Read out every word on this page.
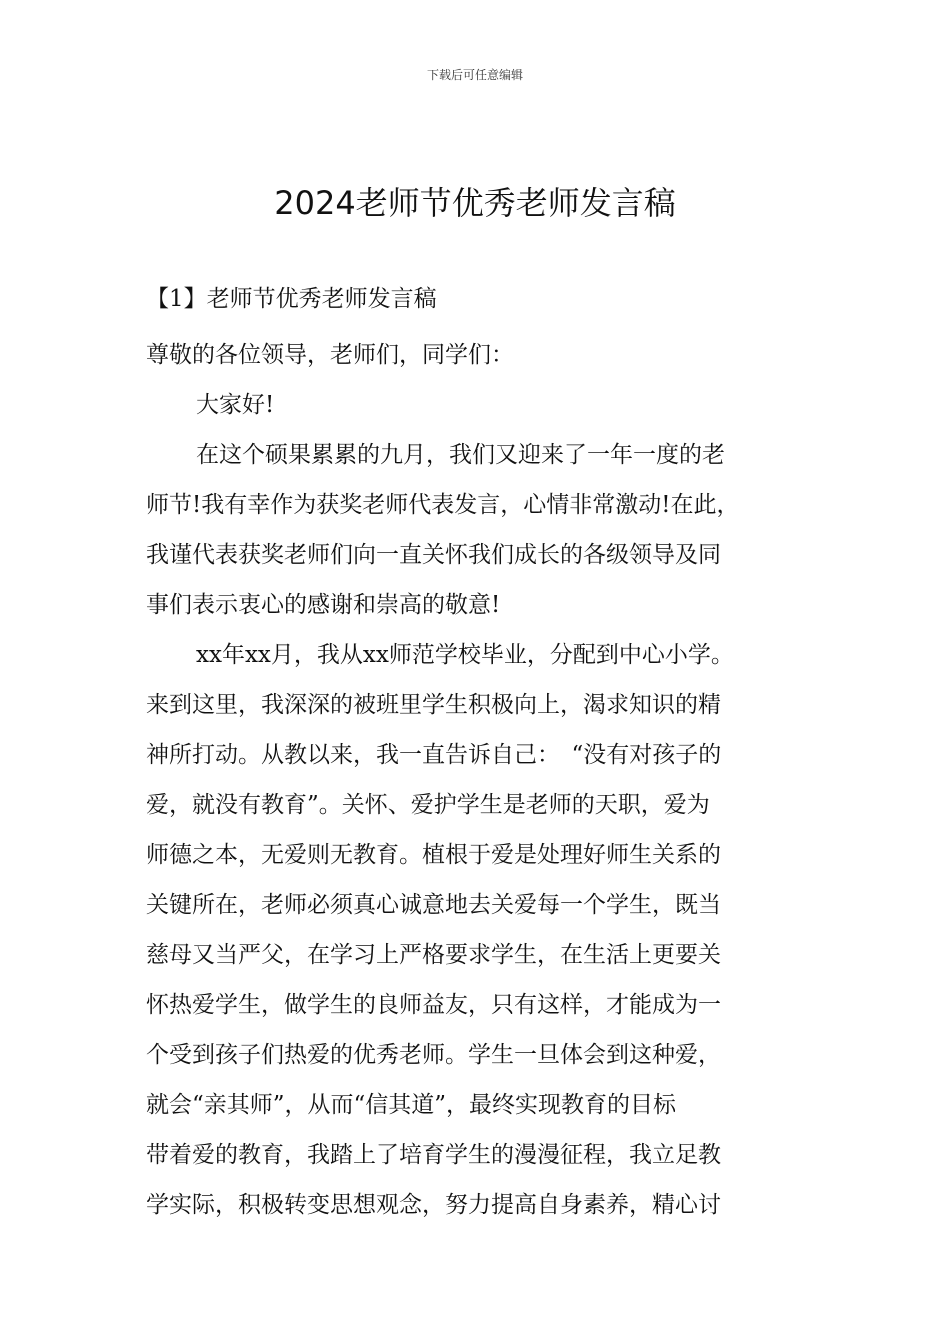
下载后可任意编辑
2024老师节优秀老师发言稿
【1】老师节优秀老师发言稿
尊敬的各位领导，老师们，同学们：
大家好!
在这个硕果累累的九月，我们又迎来了一年一度的老
师节!我有幸作为获奖老师代表发言，心情非常激动!在此，
我谨代表获奖老师们向一直关怀我们成长的各级领导及同
事们表示衷心的感谢和崇高的敬意!
xx年xx月，我从xx师范学校毕业，分配到中心小学。
来到这里，我深深的被班里学生积极向上，渴求知识的精
神所打动。从教以来，我一直告诉自己：　“没有对孩子的
爱，就没有教育”。关怀、爱护学生是老师的天职，爱为
师德之本，无爱则无教育。植根于爱是处理好师生关系的
关键所在，老师必须真心诚意地去关爱每一个学生，既当
慈母又当严父，在学习上严格要求学生，在生活上更要关
怀热爱学生，做学生的良师益友，只有这样，才能成为一
个受到孩子们热爱的优秀老师。学生一旦体会到这种爱，
就会“亲其师”，从而“信其道”，最终实现教育的目标
带着爱的教育，我踏上了培育学生的漫漫征程，我立足教
学实际，积极转变思想观念，努力提高自身素养，精心讨
